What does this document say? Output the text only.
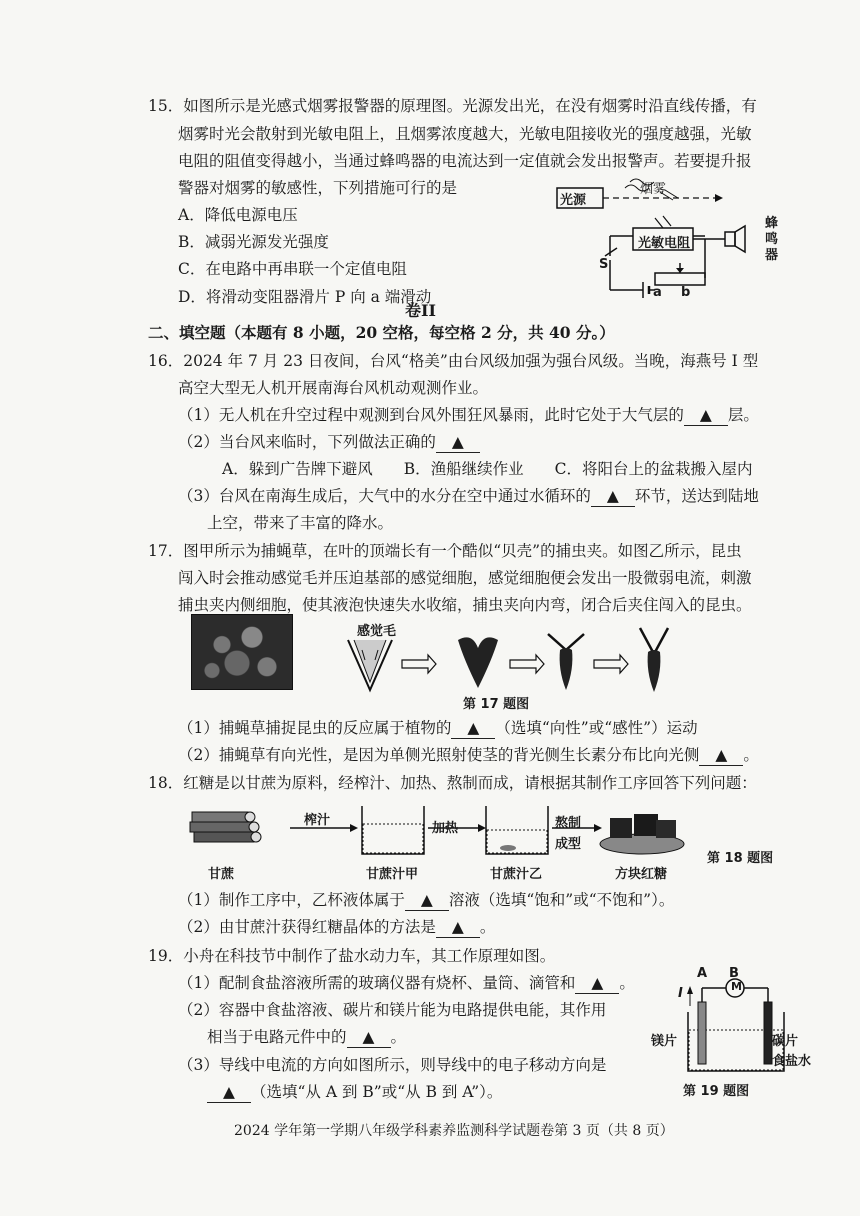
15．如图所示是光感式烟雾报警器的原理图。光源发出光，在没有烟雾时沿直线传播，有
烟雾时光会散射到光敏电阻上，且烟雾浓度越大，光敏电阻接收光的强度越强，光敏
电阻的阻值变得越小，当通过蜂鸣器的电流达到一定值就会发出报警声。若要提升报
警器对烟雾的敏感性，下列措施可行的是
A．降低电源电压
B．减弱光源发光强度
C．在电路中再串联一个定值电阻
D．将滑动变阻器滑片 P 向 a 端滑动
光源
烟雾
光敏电阻
蜂鸣器
S
a b
卷II
二、填空题（本题有 8 小题，20 空格，每空格 2 分，共 40 分。）
16．2024 年 7 月 23 日夜间，台风“格美”由台风级加强为强台风级。当晚，海燕号 I 型
高空大型无人机开展南海台风机动观测作业。
（1）无人机在升空过程中观测到台风外围狂风暴雨，此时它处于大气层的 ▲ 层。
（2）当台风来临时，下列做法正确的 ▲
A．躲到广告牌下避风　　B．渔船继续作业　　C．将阳台上的盆栽搬入屋内
（3）台风在南海生成后，大气中的水分在空中通过水循环的 ▲ 环节，送达到陆地
上空，带来了丰富的降水。
17．图甲所示为捕蝇草，在叶的顶端长有一个酷似“贝壳”的捕虫夹。如图乙所示，昆虫
闯入时会推动感觉毛并压迫基部的感觉细胞，感觉细胞便会发出一股微弱电流，刺激
捕虫夹内侧细胞，使其液泡快速失水收缩，捕虫夹向内弯，闭合后夹住闯入的昆虫。
感觉毛
第 17 题图
（1）捕蝇草捕捉昆虫的反应属于植物的 ▲ （选填“向性”或“感性”）运动
（2）捕蝇草有向光性，是因为单侧光照射使茎的背光侧生长素分布比向光侧 ▲ 。
18．红糖是以甘蔗为原料，经榨汁、加热、熬制而成，请根据其制作工序回答下列问题：
榨汁
加热	熬制
成型
第 18 题图
甘蔗	甘蔗汁甲	甘蔗汁乙	方块红糖
（1）制作工序中，乙杯液体属于 ▲ 溶液（选填“饱和”或“不饱和”）。
（2）由甘蔗汁获得红糖晶体的方法是 ▲ 。
19．小舟在科技节中制作了盐水动力车，其工作原理如图。
（1）配制食盐溶液所需的玻璃仪器有烧杯、量筒、滴管和 ▲ 。
（2）容器中食盐溶液、碳片和镁片能为电路提供电能，其作用
相当于电路元件中的 ▲ 。
（3）导线中电流的方向如图所示，则导线中的电子移动方向是
▲ （选填“从 A 到 B”或“从 B 到 A”）。
A B
M
I
镁片	碳片
食盐水
第 19 题图
2024 学年第一学期八年级学科素养监测科学试题卷第 3 页（共 8 页）
